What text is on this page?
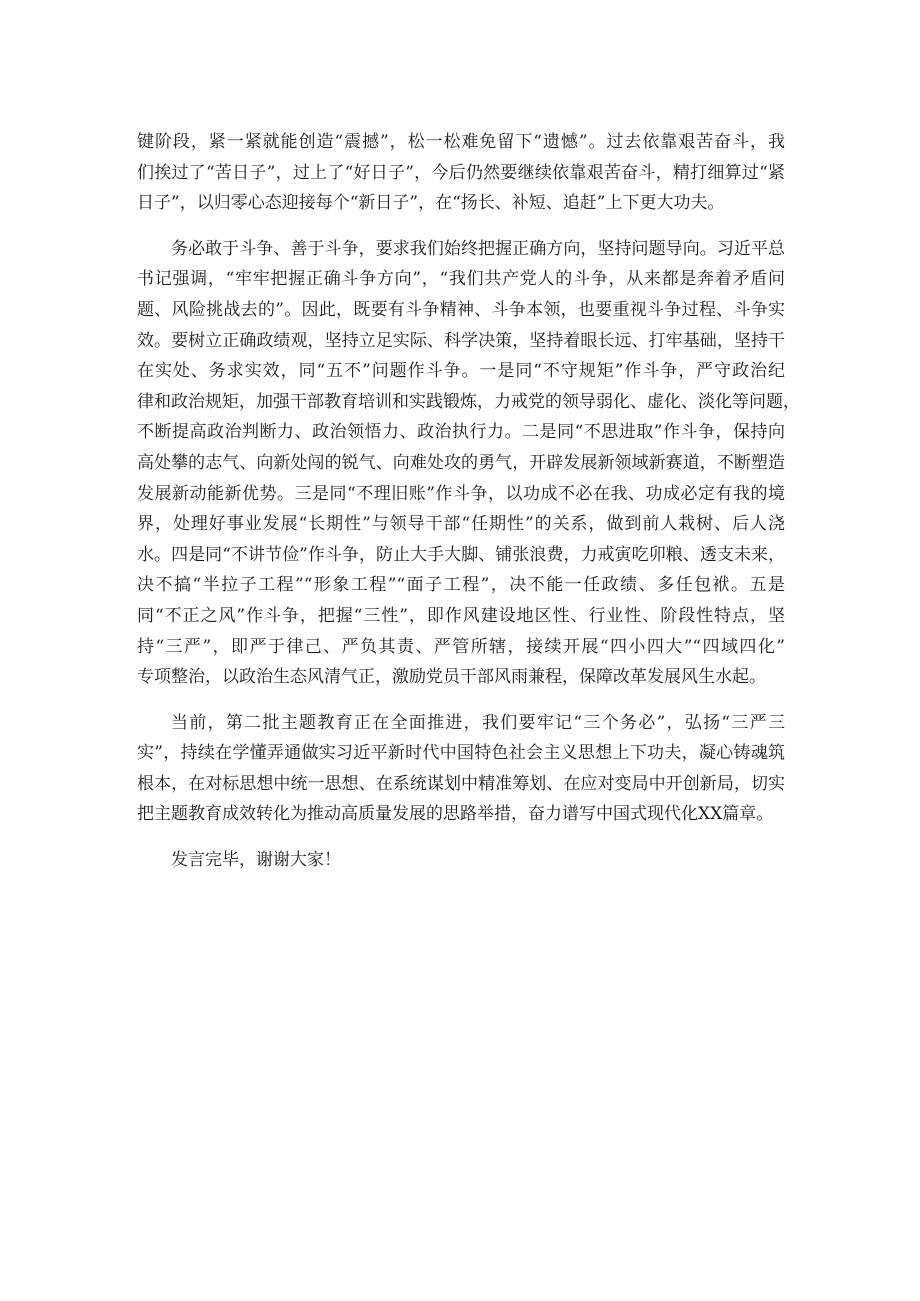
键阶段，紧一紧就能创造“震撼”，松一松难免留下“遗憾”。过去依靠艰苦奋斗，我
们挨过了“苦日子”，过上了“好日子”，今后仍然要继续依靠艰苦奋斗，精打细算过“紧
日子”，以归零心态迎接每个“新日子”，在“扬长、补短、追赶”上下更大功夫。
务必敢于斗争、善于斗争，要求我们始终把握正确方向，坚持问题导向。习近平总
书记强调，“牢牢把握正确斗争方向”，“我们共产党人的斗争，从来都是奔着矛盾问
题、风险挑战去的”。因此，既要有斗争精神、斗争本领，也要重视斗争过程、斗争实
效。要树立正确政绩观，坚持立足实际、科学决策，坚持着眼长远、打牢基础，坚持干
在实处、务求实效，同“五不”问题作斗争。一是同“不守规矩”作斗争，严守政治纪
律和政治规矩，加强干部教育培训和实践锻炼，力戒党的领导弱化、虚化、淡化等问题，
不断提高政治判断力、政治领悟力、政治执行力。二是同“不思进取”作斗争，保持向
高处攀的志气、向新处闯的锐气、向难处攻的勇气，开辟发展新领域新赛道，不断塑造
发展新动能新优势。三是同“不理旧账”作斗争，以功成不必在我、功成必定有我的境
界，处理好事业发展“长期性”与领导干部“任期性”的关系，做到前人栽树、后人浇
水。四是同“不讲节俭”作斗争，防止大手大脚、铺张浪费，力戒寅吃卯粮、透支未来，
决不搞“半拉子工程”“形象工程”“面子工程”，决不能一任政绩、多任包袱。五是
同“不正之风”作斗争，把握“三性”，即作风建设地区性、行业性、阶段性特点，坚
持“三严”，即严于律己、严负其责、严管所辖，接续开展“四小四大”“四域四化”
专项整治，以政治生态风清气正，激励党员干部风雨兼程，保障改革发展风生水起。
当前，第二批主题教育正在全面推进，我们要牢记“三个务必”，弘扬“三严三
实”，持续在学懂弄通做实习近平新时代中国特色社会主义思想上下功夫，凝心铸魂筑
根本，在对标思想中统一思想、在系统谋划中精准筹划、在应对变局中开创新局，切实
把主题教育成效转化为推动高质量发展的思路举措，奋力谱写中国式现代化XX篇章。
发言完毕，谢谢大家！
